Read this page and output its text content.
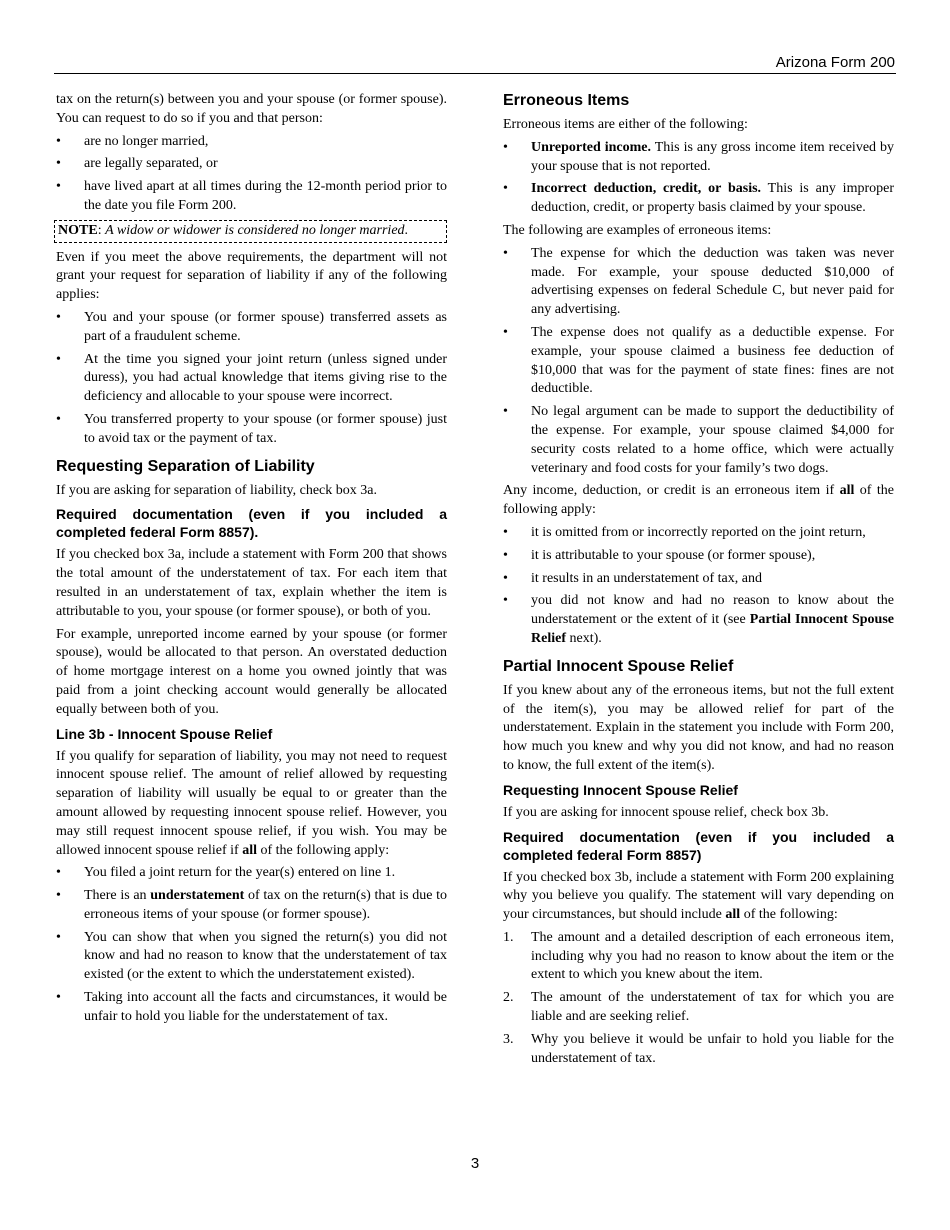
Arizona Form 200

tax on the return(s) between you and your spouse (or former spouse). You can request to do so if you and that person:

• are no longer married,
• are legally separated, or
• have lived apart at all times during the 12-month period prior to the date you file Form 200.
NOTE: A widow or widower is considered no longer married.

Even if you meet the above requirements, the department will not grant your request for separation of liability if any of the following applies:

• You and your spouse (or former spouse) transferred assets as part of a fraudulent scheme.
• At the time you signed your joint return (unless signed under duress), you had actual knowledge that items giving rise to the deficiency and allocable to your spouse were incorrect.
• You transferred property to your spouse (or former spouse) just to avoid tax or the payment of tax.
Requesting Separation of Liability

If you are asking for separation of liability, check box 3a.

Required documentation (even if you included a completed federal Form 8857).

If you checked box 3a, include a statement with Form 200 that shows the total amount of the understatement of tax. For each item that resulted in an understatement of tax, explain whether the item is attributable to you, your spouse (or former spouse), or both of you.

For example, unreported income earned by your spouse (or former spouse), would be allocated to that person. An overstated deduction of home mortgage interest on a home you owned jointly that was paid from a joint checking account would generally be allocated equally between both of you.

Line 3b - Innocent Spouse Relief

If you qualify for separation of liability, you may not need to request innocent spouse relief. The amount of relief allowed by requesting separation of liability will usually be equal to or greater than the amount allowed by requesting innocent spouse relief. However, you may still request innocent spouse relief, if you wish. You may be allowed innocent spouse relief if all of the following apply:

• You filed a joint return for the year(s) entered on line 1.
• There is an understatement of tax on the return(s) that is due to erroneous items of your spouse (or former spouse).
• You can show that when you signed the return(s) you did not know and had no reason to know that the understatement of tax existed (or the extent to which the understatement existed).
• Taking into account all the facts and circumstances, it would be unfair to hold you liable for the understatement of tax.
Erroneous Items

Erroneous items are either of the following:

• Unreported income. This is any gross income item received by your spouse that is not reported.
• Incorrect deduction, credit, or basis. This is any improper deduction, credit, or property basis claimed by your spouse.

The following are examples of erroneous items:

• The expense for which the deduction was taken was never made. For example, your spouse deducted $10,000 of advertising expenses on federal Schedule C, but never paid for any advertising.
• The expense does not qualify as a deductible expense. For example, your spouse claimed a business fee deduction of $10,000 that was for the payment of state fines: fines are not deductible.
• No legal argument can be made to support the deductibility of the expense. For example, your spouse claimed $4,000 for security costs related to a home office, which were actually veterinary and food costs for your family’s two dogs.

Any income, deduction, or credit is an erroneous item if all of the following apply:

• it is omitted from or incorrectly reported on the joint return,
• it is attributable to your spouse (or former spouse),
• it results in an understatement of tax, and
• you did not know and had no reason to know about the understatement or the extent of it (see Partial Innocent Spouse Relief next).
Partial Innocent Spouse Relief

If you knew about any of the erroneous items, but not the full extent of the item(s), you may be allowed relief for part of the understatement. Explain in the statement you include with Form 200, how much you knew and why you did not know, and had no reason to know, the full extent of the item(s).

Requesting Innocent Spouse Relief

If you are asking for innocent spouse relief, check box 3b.

Required documentation (even if you included a completed federal Form 8857)

If you checked box 3b, include a statement with Form 200 explaining why you believe you qualify. The statement will vary depending on your circumstances, but should include all of the following:

1. The amount and a detailed description of each erroneous item, including why you had no reason to know about the item or the extent to which you knew about the item.
2. The amount of the understatement of tax for which you are liable and are seeking relief.
3. Why you believe it would be unfair to hold you liable for the understatement of tax.
3
